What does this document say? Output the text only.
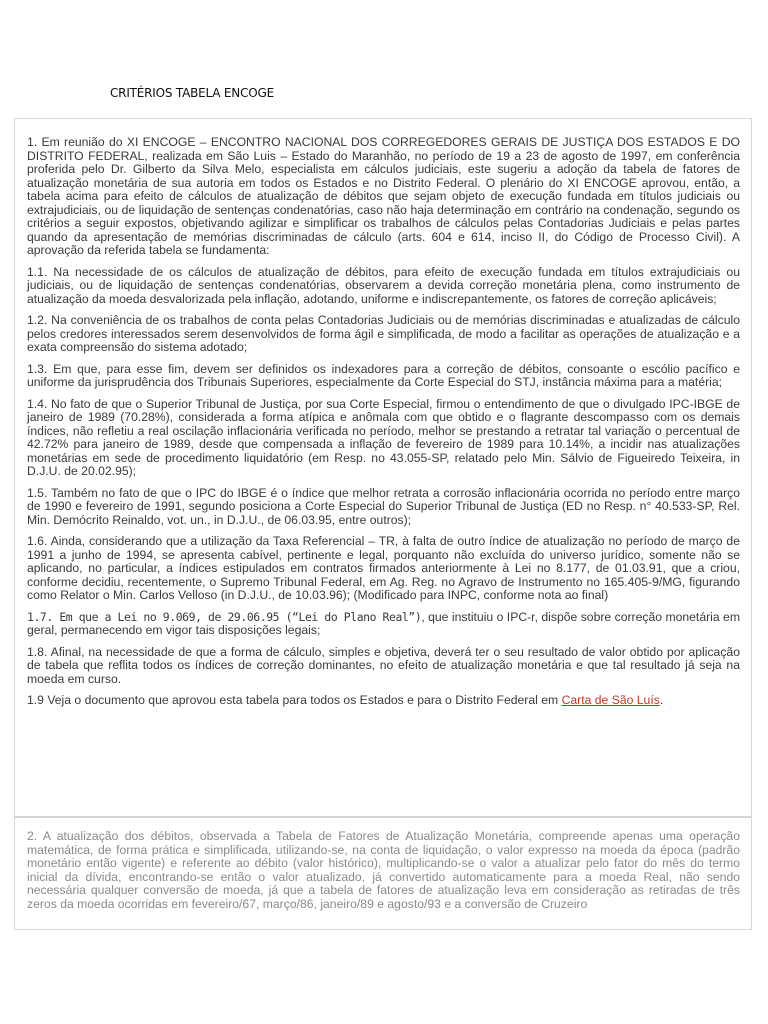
CRITÉRIOS TABELA ENCOGE

1. Em reunião do XI ENCOGE – ENCONTRO NACIONAL DOS CORREGEDORES GERAIS DE JUSTIÇA DOS ESTADOS E DO DISTRITO FEDERAL, realizada em São Luis – Estado do Maranhão, no período de 19 a 23 de agosto de 1997, em conferência proferida pelo Dr. Gilberto da Silva Melo, especialista em cálculos judiciais, este sugeriu a adoção da tabela de fatores de atualização monetária de sua autoria em todos os Estados e no Distrito Federal. O plenário do XI ENCOGE aprovou, então, a tabela acima para efeito de cálculos de atualização de débitos que sejam objeto de execução fundada em títulos judiciais ou extrajudiciais, ou de liquidação de sentenças condenatórias, caso não haja determinação em contrário na condenação, segundo os critérios a seguir expostos, objetivando agilizar e simplificar os trabalhos de cálculos pelas Contadorias Judiciais e pelas partes quando da apresentação de memórias discriminadas de cálculo (arts. 604 e 614, inciso II, do Código de Processo Civil). A aprovação da referida tabela se fundamenta:

1.1. Na necessidade de os cálculos de atualização de débitos, para efeito de execução fundada em títulos extrajudiciais ou judiciais, ou de liquidação de sentenças condenatórias, observarem a devida correção monetária plena, como instrumento de atualização da moeda desvalorizada pela inflação, adotando, uniforme e indiscrepantemente, os fatores de correção aplicáveis;

1.2. Na conveniência de os trabalhos de conta pelas Contadorias Judiciais ou de memórias discriminadas e atualizadas de cálculo pelos credores interessados serem desenvolvidos de forma ágil e simplificada, de modo a facilitar as operações de atualização e a exata compreensão do sistema adotado;

1.3. Em que, para esse fim, devem ser definidos os indexadores para a correção de débitos, consoante o escólio pacífico e uniforme da jurisprudência dos Tribunais Superiores, especialmente da Corte Especial do STJ, instância máxima para a matéria;

1.4. No fato de que o Superior Tribunal de Justiça, por sua Corte Especial, firmou o entendimento de que o divulgado IPC-IBGE de janeiro de 1989 (70.28%), considerada a forma atípica e anômala com que obtido e o flagrante descompasso com os demais índices, não refletiu a real oscilação inflacionária verificada no período, melhor se prestando a retratar tal variação o percentual de 42.72% para janeiro de 1989, desde que compensada a inflação de fevereiro de 1989 para 10.14%, a incidir nas atualizações monetárias em sede de procedimento liquidatório (em Resp. no 43.055-SP, relatado pelo Min. Sálvio de Figueiredo Teixeira, in D.J.U. de 20.02.95);

1.5. Também no fato de que o IPC do IBGE é o índice que melhor retrata a corrosão inflacionária ocorrida no período entre março de 1990 e fevereiro de 1991, segundo posiciona a Corte Especial do Superior Tribunal de Justiça (ED no Resp. n° 40.533-SP, Rel. Min. Demócrito Reinaldo, vot. un., in D.J.U., de 06.03.95, entre outros);

1.6. Ainda, considerando que a utilização da Taxa Referencial – TR, à falta de outro índice de atualização no período de março de 1991 a junho de 1994, se apresenta cabível, pertinente e legal, porquanto não excluída do universo jurídico, somente não se aplicando, no particular, a índices estipulados em contratos firmados anteriormente à Lei no 8.177, de 01.03.91, que a criou, conforme decidiu, recentemente, o Supremo Tribunal Federal, em Ag. Reg. no Agravo de Instrumento no 165.405-9/MG, figurando como Relator o Min. Carlos Velloso (in D.J.U., de 10.03.96); (Modificado para INPC, conforme nota ao final)

1.7. Em que a Lei no 9.069, de 29.06.95 (“Lei do Plano Real”), que instituiu o IPC-r, dispõe sobre correção monetária em geral, permanecendo em vigor tais disposições legais;

1.8. Afinal, na necessidade de que a forma de cálculo, simples e objetiva, deverá ter o seu resultado de valor obtido por aplicação de tabela que reflita todos os índices de correção dominantes, no efeito de atualização monetária e que tal resultado já seja na moeda em curso.

1.9 Veja o documento que aprovou esta tabela para todos os Estados e para o Distrito Federal em Carta de São Luís.

2. A atualização dos débitos, observada a Tabela de Fatores de Atualização Monetária, compreende apenas uma operação matemática, de forma prática e simplificada, utilizando-se, na conta de liquidação, o valor expresso na moeda da época (padrão monetário então vigente) e referente ao débito (valor histórico), multiplicando-se o valor a atualizar pelo fator do mês do termo inicial da dívida, encontrando-se então o valor atualizado, já convertido automaticamente para a moeda Real, não sendo necessária qualquer conversão de moeda, já que a tabela de fatores de atualização leva em consideração as retiradas de três zeros da moeda ocorridas em fevereiro/67, março/86, janeiro/89 e agosto/93 e a conversão de Cruzeiro
